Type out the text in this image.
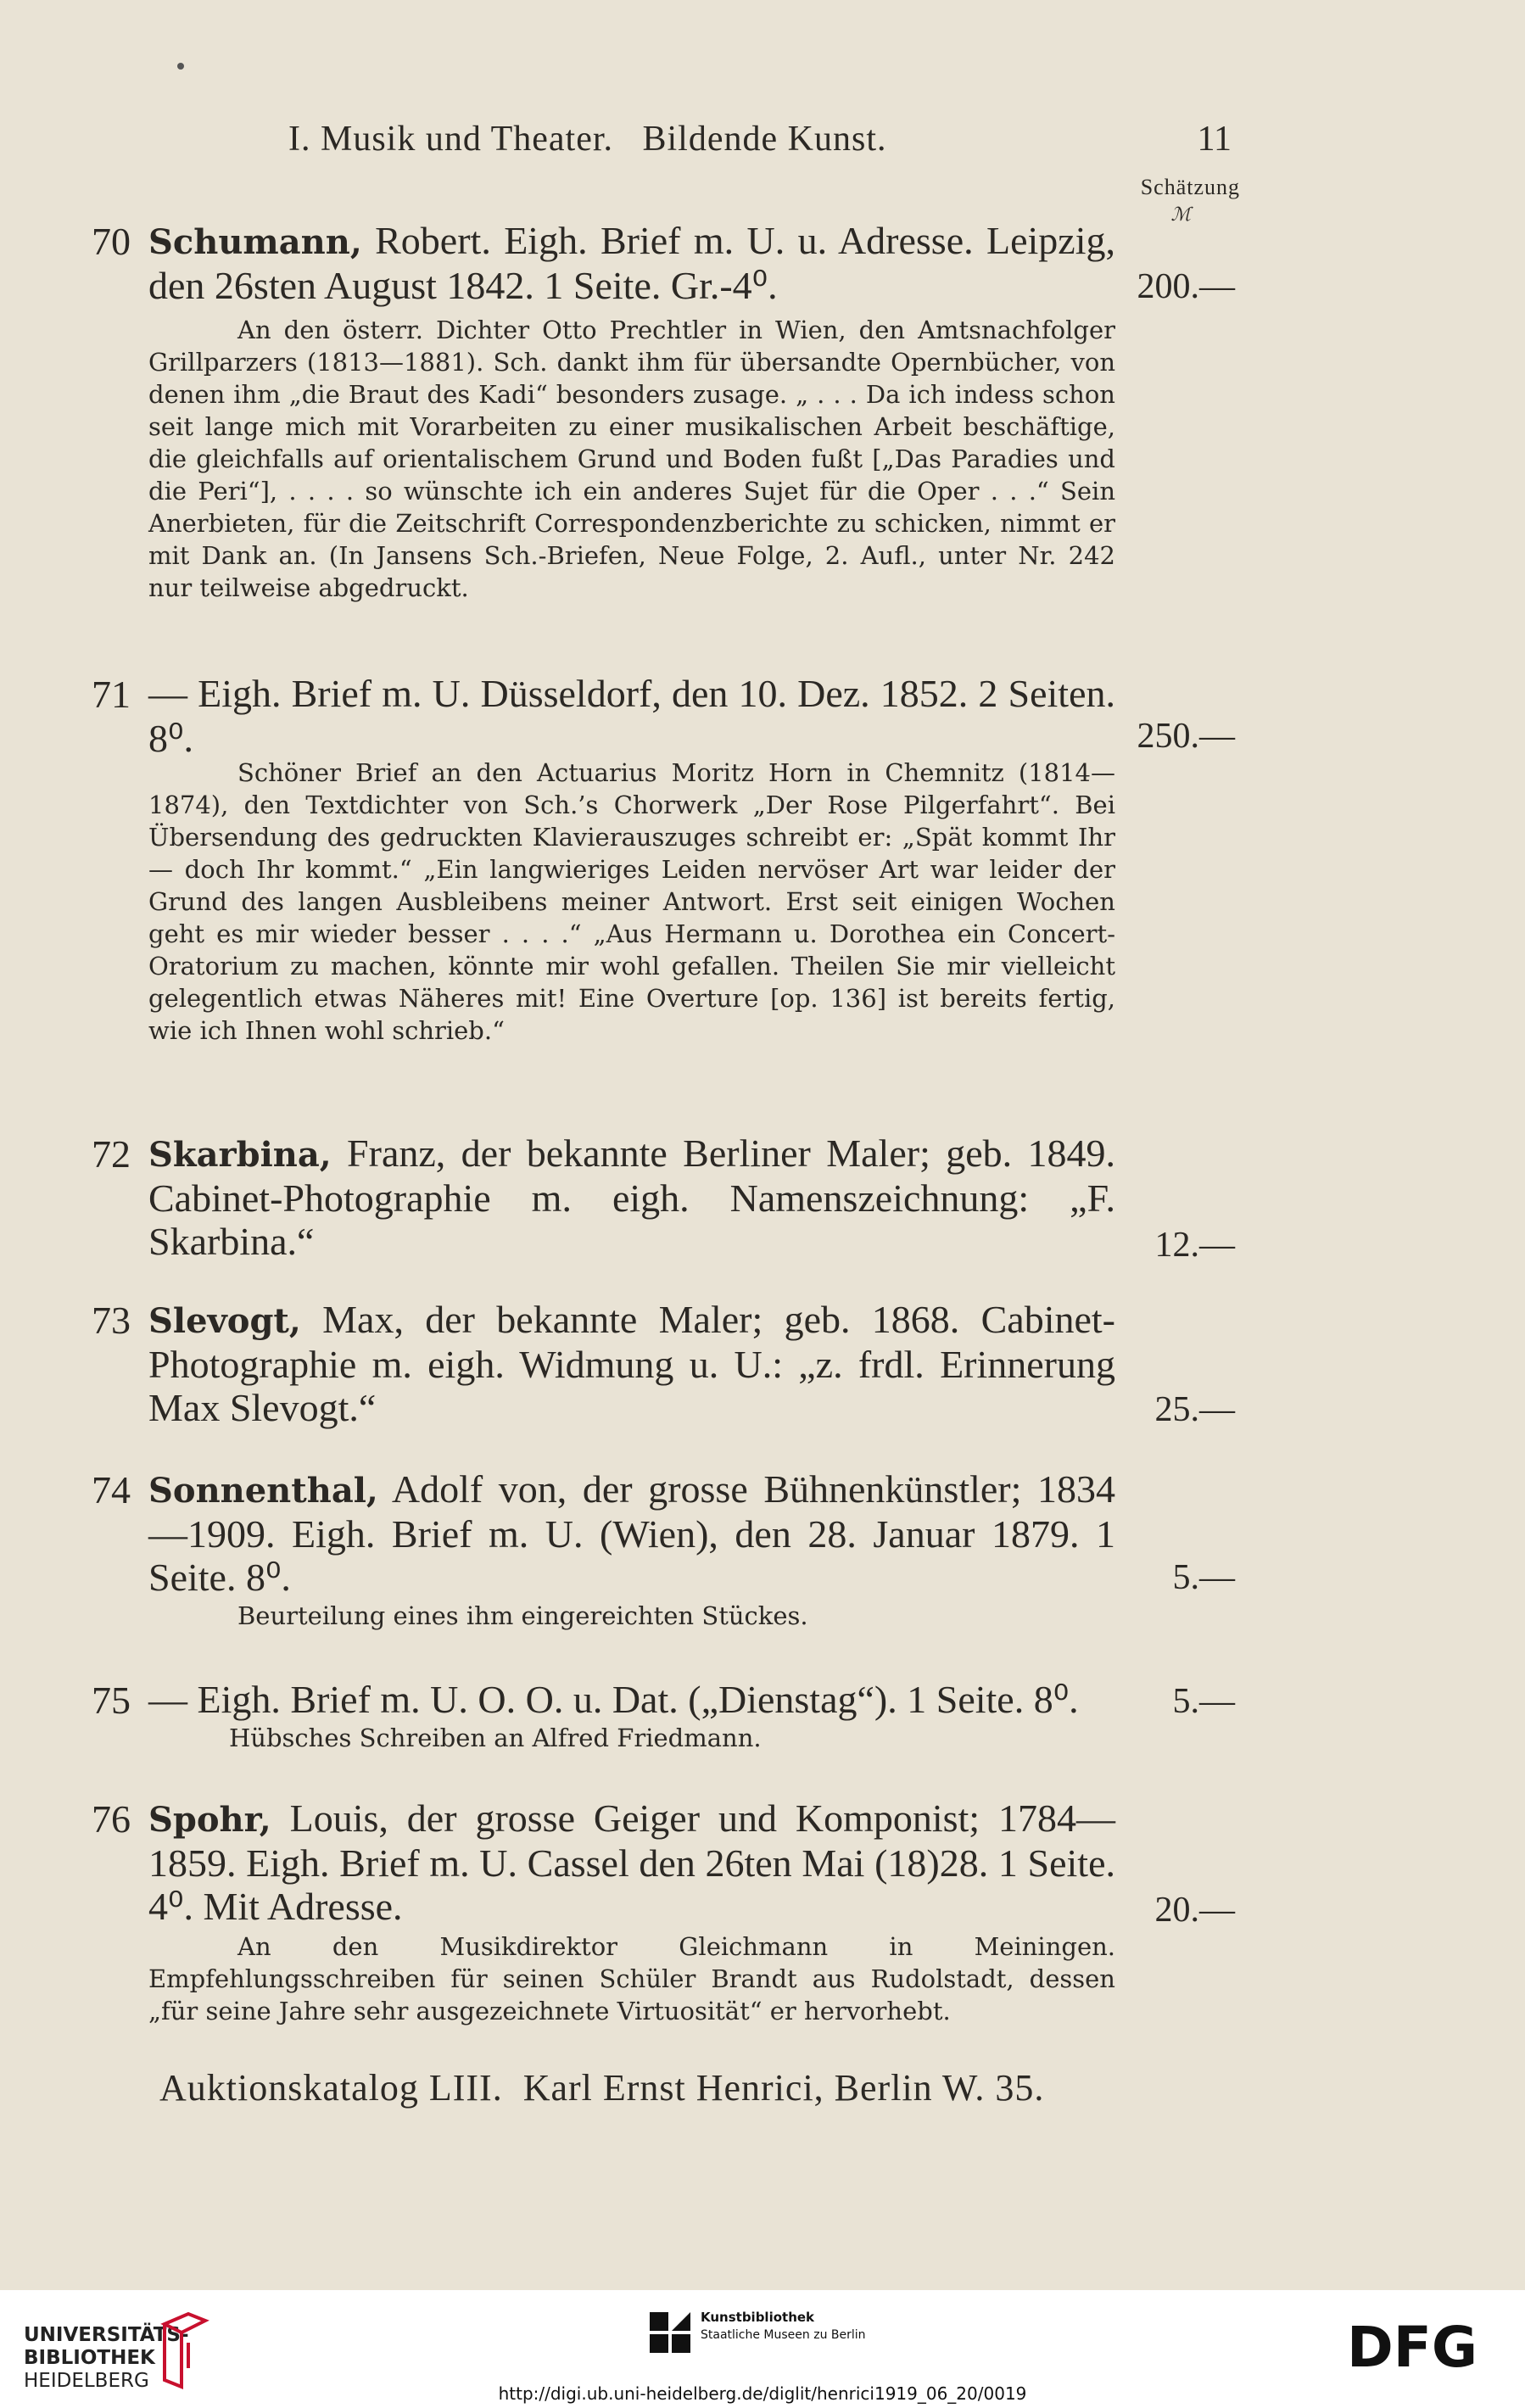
I. Musik und Theater.   Bildende Kunst.	11
Schätzung
ℳ
70 Schumann, Robert. Eigh. Brief m. U. u. Adresse. Leipzig, den 26sten August 1842. 1 Seite. Gr.-4⁰.	200.—
An den österr. Dichter Otto Prechtler in Wien, den Amtsnachfolger Grillparzers (1813—1881). Sch. dankt ihm für übersandte Opernbücher, von denen ihm „die Braut des Kadi“ besonders zusage. „ . . . Da ich indess schon seit lange mich mit Vorarbeiten zu einer musikalischen Arbeit beschäftige, die gleichfalls auf orientalischem Grund und Boden fußt [„Das Paradies und die Peri“], . . . . so wünschte ich ein anderes Sujet für die Oper . . .“ Sein Anerbieten, für die Zeitschrift Correspondenzberichte zu schicken, nimmt er mit Dank an. (In Jansens Sch.-Briefen, Neue Folge, 2. Aufl., unter Nr. 242 nur teilweise abgedruckt.
71 — Eigh. Brief m. U. Düsseldorf, den 10. Dez. 1852. 2 Seiten. 8⁰.	250.—
Schöner Brief an den Actuarius Moritz Horn in Chemnitz (1814—1874), den Textdichter von Sch.’s Chorwerk „Der Rose Pilgerfahrt“. Bei Übersendung des gedruckten Klavierauszuges schreibt er: „Spät kommt Ihr — doch Ihr kommt.“ „Ein langwieriges Leiden nervöser Art war leider der Grund des langen Ausbleibens meiner Antwort. Erst seit einigen Wochen geht es mir wieder besser . . . .“ „Aus Hermann u. Dorothea ein Concert-Oratorium zu machen, könnte mir wohl gefallen. Theilen Sie mir vielleicht gelegentlich etwas Näheres mit! Eine Overture [op. 136] ist bereits fertig, wie ich Ihnen wohl schrieb.“
72 Skarbina, Franz, der bekannte Berliner Maler; geb. 1849. Cabinet-Photographie m. eigh. Namenszeichnung: „F. Skarbina.“	12.—
73 Slevogt, Max, der bekannte Maler; geb. 1868. Cabinet-Photographie m. eigh. Widmung u. U.: „z. frdl. Erinnerung Max Slevogt.“	25.—
74 Sonnenthal, Adolf von, der grosse Bühnenkünstler; 1834—1909. Eigh. Brief m. U. (Wien), den 28. Januar 1879. 1 Seite. 8⁰.	5.—
Beurteilung eines ihm eingereichten Stückes.
75 — Eigh. Brief m. U. O. O. u. Dat. („Dienstag“). 1 Seite. 8⁰.	5.—
Hübsches Schreiben an Alfred Friedmann.
76 Spohr, Louis, der grosse Geiger und Komponist; 1784—1859. Eigh. Brief m. U. Cassel den 26ten Mai (18)28. 1 Seite. 4⁰. Mit Adresse.	20.—
An den Musikdirektor Gleichmann in Meiningen. Empfehlungsschreiben für seinen Schüler Brandt aus Rudolstadt, dessen „für seine Jahre sehr ausgezeichnete Virtuosität“ er hervorhebt.
Auktionskatalog LIII.  Karl Ernst Henrici, Berlin W. 35.
UNIVERSITÄTS-
BIBLIOTHEK
HEIDELBERG
Kunstbibliothek
Staatliche Museen zu Berlin	DFG
http://digi.ub.uni-heidelberg.de/diglit/henrici1919_06_20/0019
